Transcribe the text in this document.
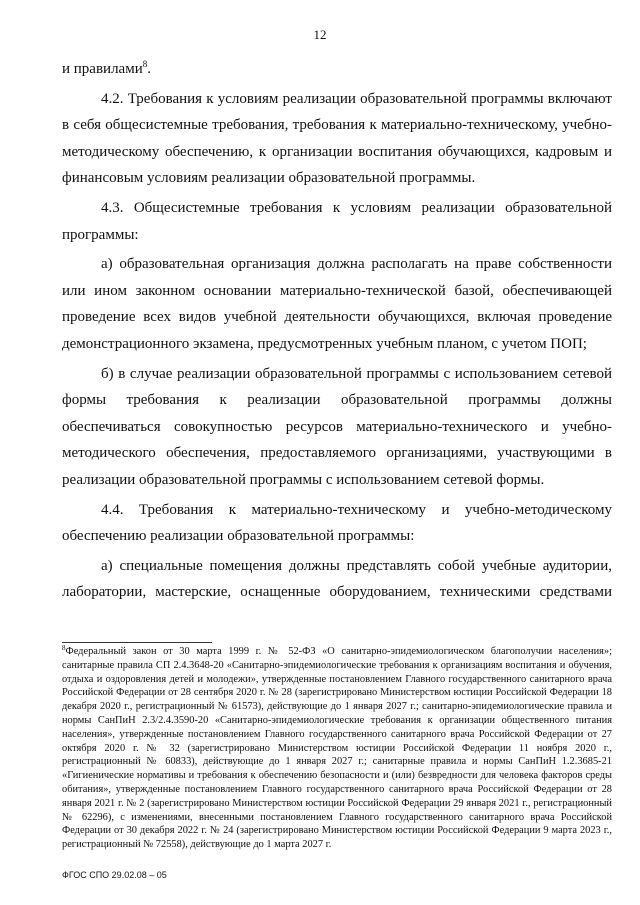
12

и правилами$^8$.

4.2. Требования к условиям реализации образовательной программы включают в себя общесистемные требования, требования к материально-техническому, учебно-методическому обеспечению, к организации воспитания обучающихся, кадровым и финансовым условиям реализации образовательной программы.

4.3. Общесистемные требования к условиям реализации образовательной программы:

а) образовательная организация должна располагать на праве собственности или ином законном основании материально-технической базой, обеспечивающей проведение всех видов учебной деятельности обучающихся, включая проведение демонстрационного экзамена, предусмотренных учебным планом, с учетом ПОП;

б) в случае реализации образовательной программы с использованием сетевой формы требования к реализации образовательной программы должны обеспечиваться совокупностью ресурсов материально-технического и учебно-методического обеспечения, предоставляемого организациями, участвующими в реализации образовательной программы с использованием сетевой формы.

4.4. Требования к материально-техническому и учебно-методическому обеспечению реализации образовательной программы:

а) специальные помещения должны представлять собой учебные аудитории, лаборатории, мастерские, оснащенные оборудованием, техническими средствами

$^8$Федеральный закон от 30 марта 1999 г. № 52-ФЗ «О санитарно-эпидемиологическом благополучии населения»; санитарные правила СП 2.4.3648-20 «Санитарно-эпидемиологические требования к организациям воспитания и обучения, отдыха и оздоровления детей и молодежи», утвержденные постановлением Главного государственного санитарного врача Российской Федерации от 28 сентября 2020 г. № 28 (зарегистрировано Министерством юстиции Российской Федерации 18 декабря 2020 г., регистрационный № 61573), действующие до 1 января 2027 г.; санитарно-эпидемиологические правила и нормы СанПиН 2.3/2.4.3590-20 «Санитарно-эпидемиологические требования к организации общественного питания населения», утвержденные постановлением Главного государственного санитарного врача Российской Федерации от 27 октября 2020 г. № 32 (зарегистрировано Министерством юстиции Российской Федерации 11 ноября 2020 г., регистрационный № 60833), действующие до 1 января 2027 г.; санитарные правила и нормы СанПиН 1.2.3685-21 «Гигиенические нормативы и требования к обеспечению безопасности и (или) безвредности для человека факторов среды обитания», утвержденные постановлением Главного государственного санитарного врача Российской Федерации от 28 января 2021 г. № 2 (зарегистрировано Министерством юстиции Российской Федерации 29 января 2021 г., регистрационный № 62296), с изменениями, внесенными постановлением Главного государственного санитарного врача Российской Федерации от 30 декабря 2022 г. № 24 (зарегистрировано Министерством юстиции Российской Федерации 9 марта 2023 г., регистрационный № 72558), действующие до 1 марта 2027 г.

ФГОС СПО 29.02.08 – 05
